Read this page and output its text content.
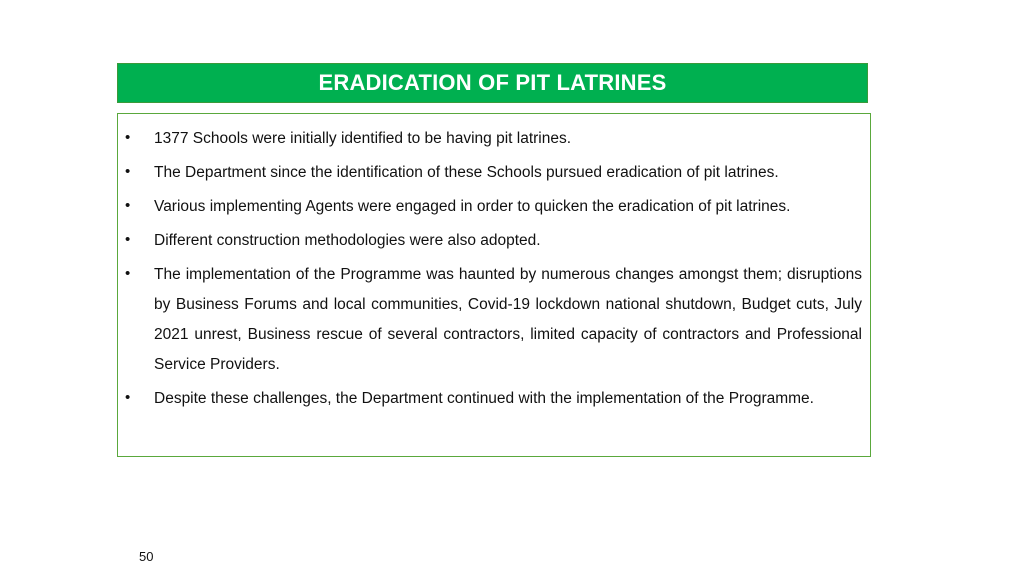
ERADICATION OF PIT LATRINES
• 1377 Schools were initially identified to be having pit latrines.
• The Department since the identification of these Schools pursued eradication of pit latrines.
• Various implementing Agents were engaged in order to quicken the eradication of pit latrines.
• Different construction methodologies were also adopted.
• The implementation of the Programme was haunted by numerous changes amongst them; disruptions by Business Forums and local communities, Covid-19 lockdown national shutdown, Budget cuts, July 2021 unrest, Business rescue of several contractors, limited capacity of contractors and Professional Service Providers.
• Despite these challenges, the Department continued with the implementation of the Programme.
50
